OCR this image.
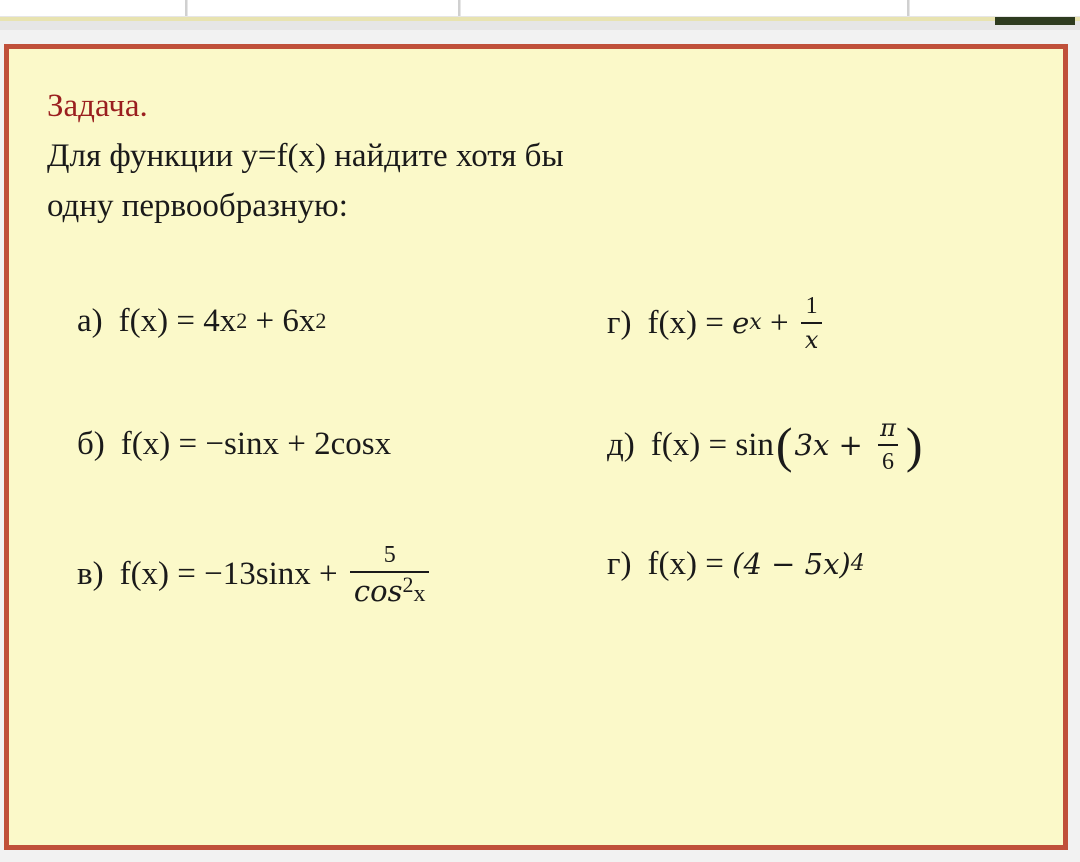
Задача.
Для функции y=f(x) найдите хотя бы
одну первообразную:
а) f(x) = 4x 2 + 6x 2	г) f(x) = e $x + \frac{1}{x}$
б) f(x) = −sinx + 2cosx	д) f(x) = sin ( $3x + \frac{\pi}{6}$ )
в) $f(x) = -13\sin x + \frac{5}{\cos 2x}$	г) f(x) = (4 − 5x) 4
